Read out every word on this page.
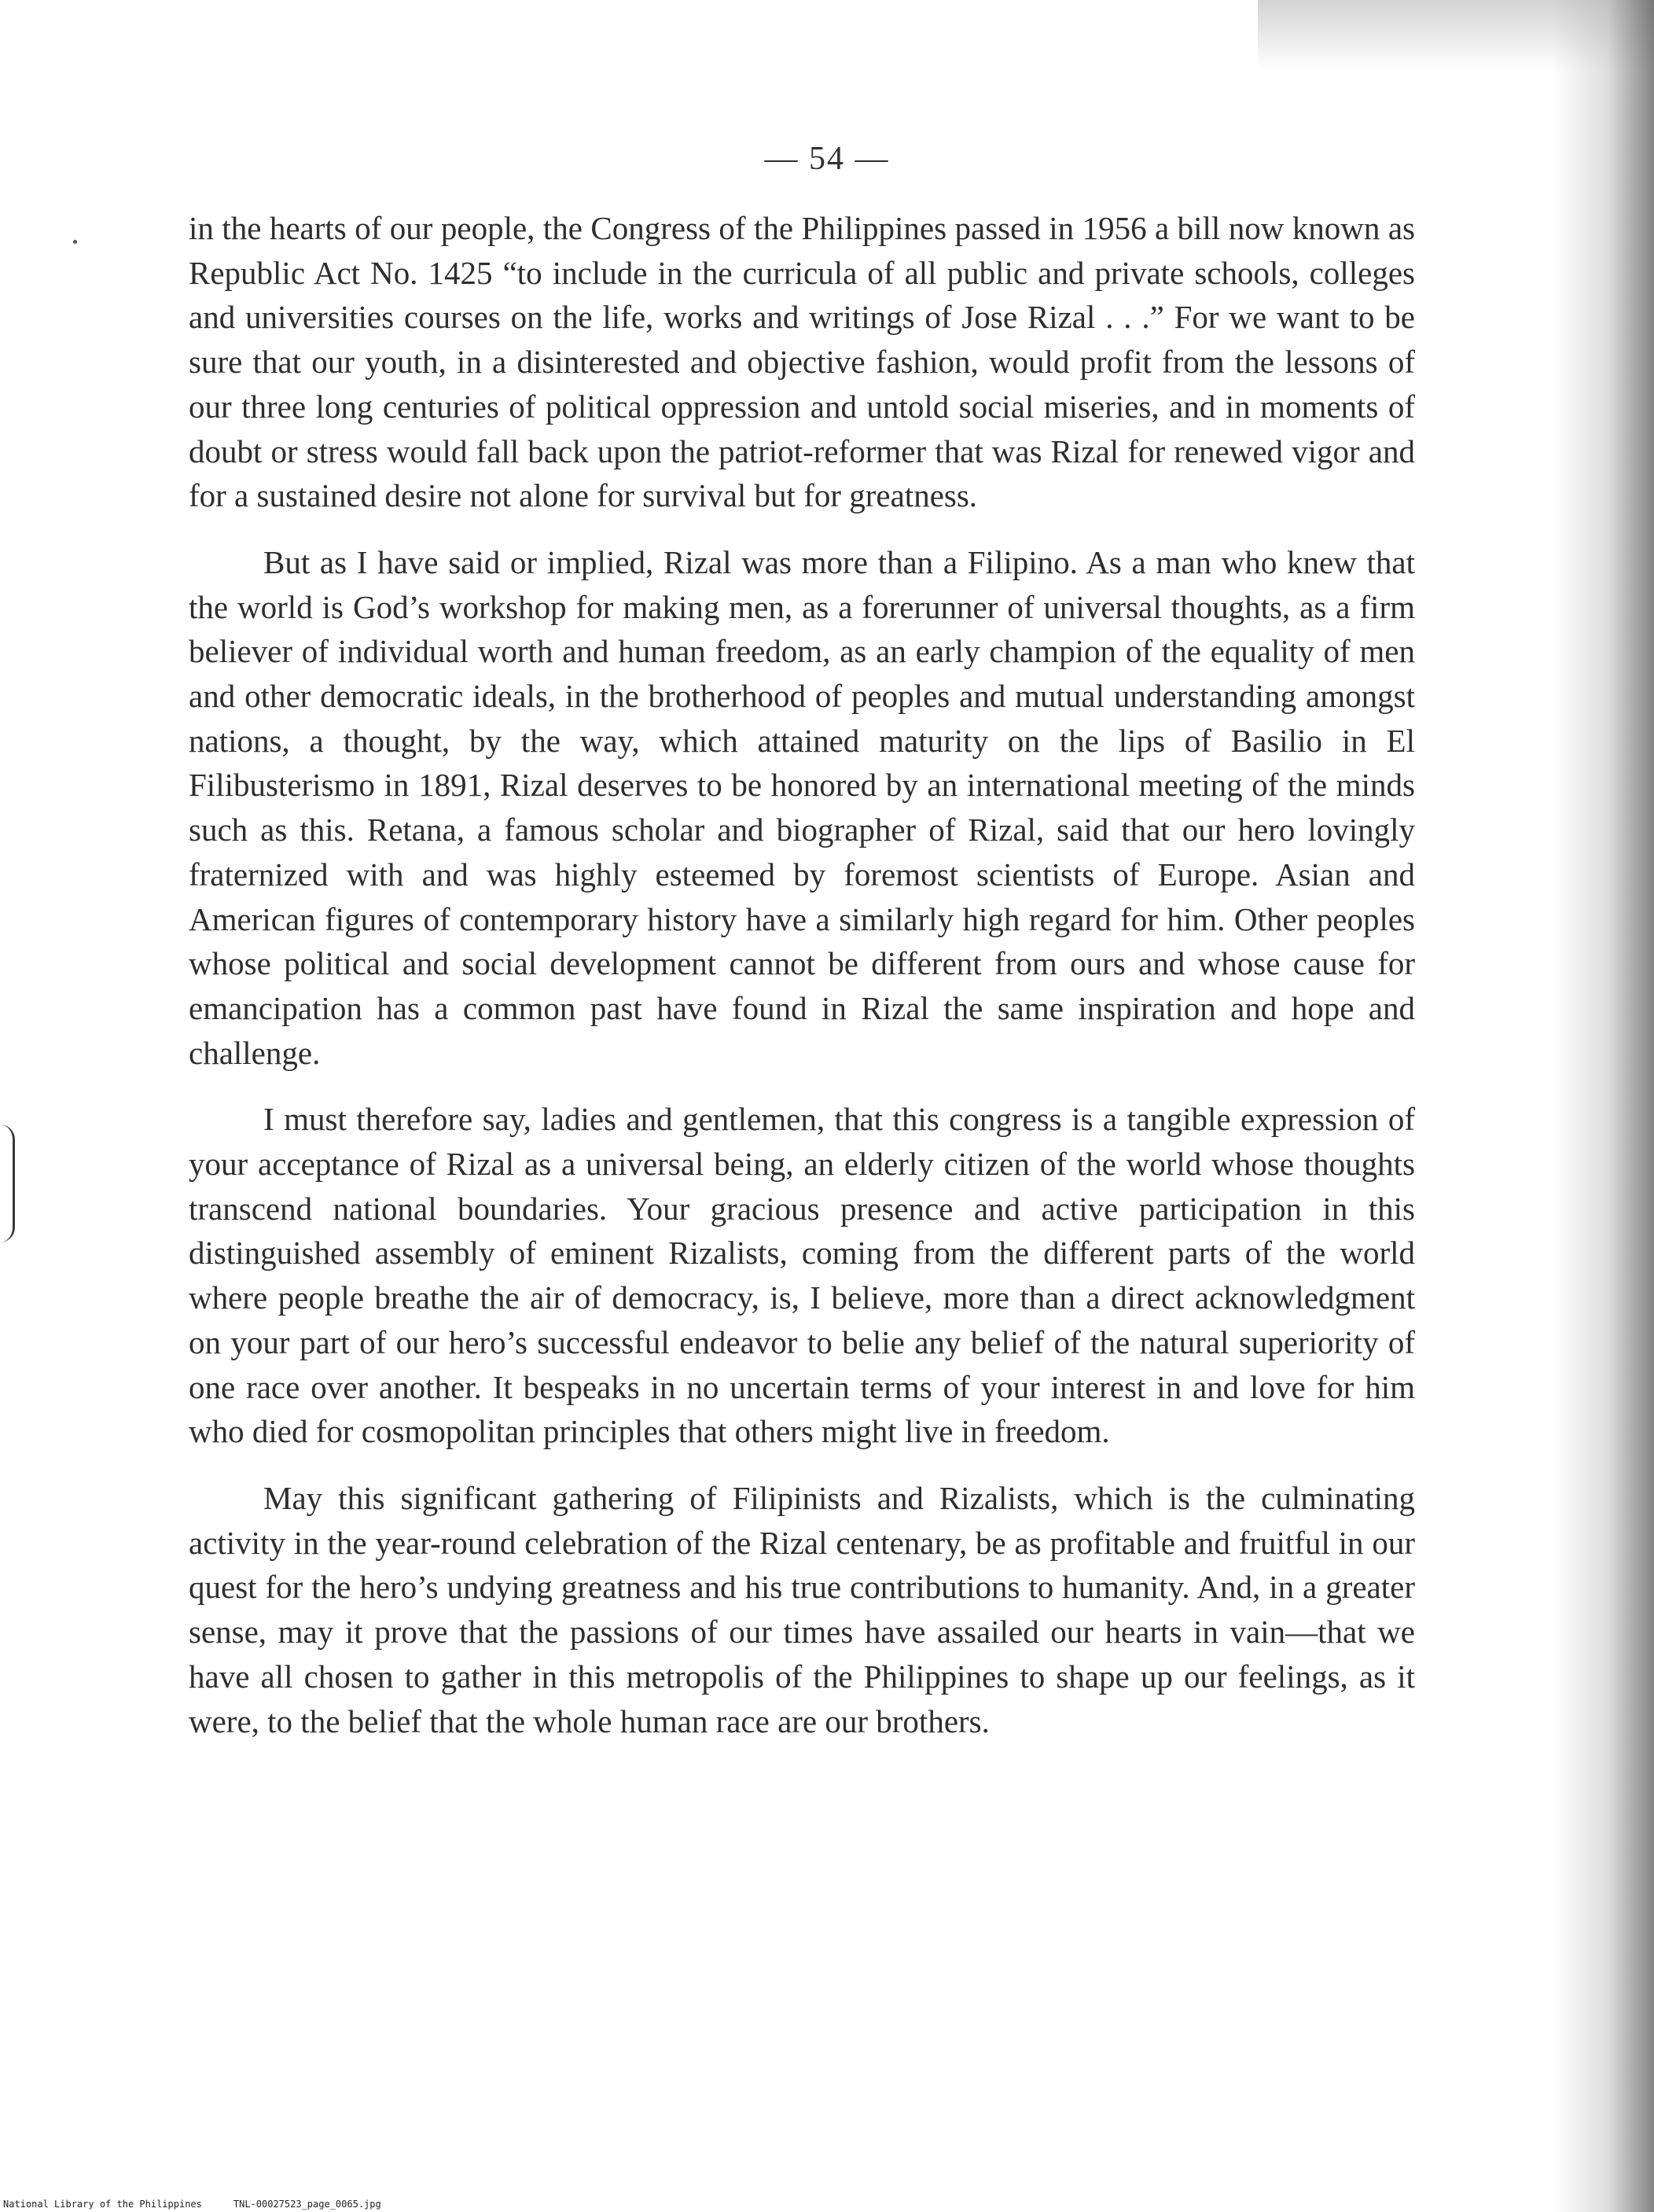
— 54 —

in the hearts of our people, the Congress of the Philippines passed in 1956 a bill now known as Republic Act No. 1425 “to include in the curricula of all public and private schools, colleges and universities courses on the life, works and writings of Jose Rizal . . .” For we want to be sure that our youth, in a disinterested and objective fashion, would profit from the lessons of our three long centuries of political oppression and untold social miseries, and in moments of doubt or stress would fall back upon the patriot-reformer that was Rizal for renewed vigor and for a sustained desire not alone for survival but for greatness.

But as I have said or implied, Rizal was more than a Filipino. As a man who knew that the world is God’s workshop for making men, as a forerunner of universal thoughts, as a firm believer of individual worth and human freedom, as an early champion of the equality of men and other democratic ideals, in the brotherhood of peoples and mutual understanding amongst nations, a thought, by the way, which attained maturity on the lips of Basilio in El Filibusterismo in 1891, Rizal deserves to be honored by an international meeting of the minds such as this. Retana, a famous scholar and biographer of Rizal, said that our hero lovingly fraternized with and was highly esteemed by foremost scientists of Europe. Asian and American figures of contemporary history have a similarly high regard for him. Other peoples whose political and social development cannot be different from ours and whose cause for emancipation has a common past have found in Rizal the same inspiration and hope and challenge.

I must therefore say, ladies and gentlemen, that this congress is a tangible expression of your acceptance of Rizal as a universal being, an elderly citizen of the world whose thoughts transcend national boundaries. Your gracious presence and active participation in this distinguished assembly of eminent Rizalists, coming from the different parts of the world where people breathe the air of democracy, is, I believe, more than a direct acknowledgment on your part of our hero’s successful endeavor to belie any belief of the natural superiority of one race over another. It bespeaks in no uncertain terms of your interest in and love for him who died for cosmopolitan principles that others might live in freedom.

May this significant gathering of Filipinists and Rizalists, which is the culminating activity in the year-round celebration of the Rizal centenary, be as profitable and fruitful in our quest for the hero’s undying greatness and his true contributions to humanity. And, in a greater sense, may it prove that the passions of our times have assailed our hearts in vain—that we have all chosen to gather in this metropolis of the Philippines to shape up our feelings, as it were, to the belief that the whole human race are our brothers.

National Library of the Philippines	TNL-00027523_page_0065.jpg
